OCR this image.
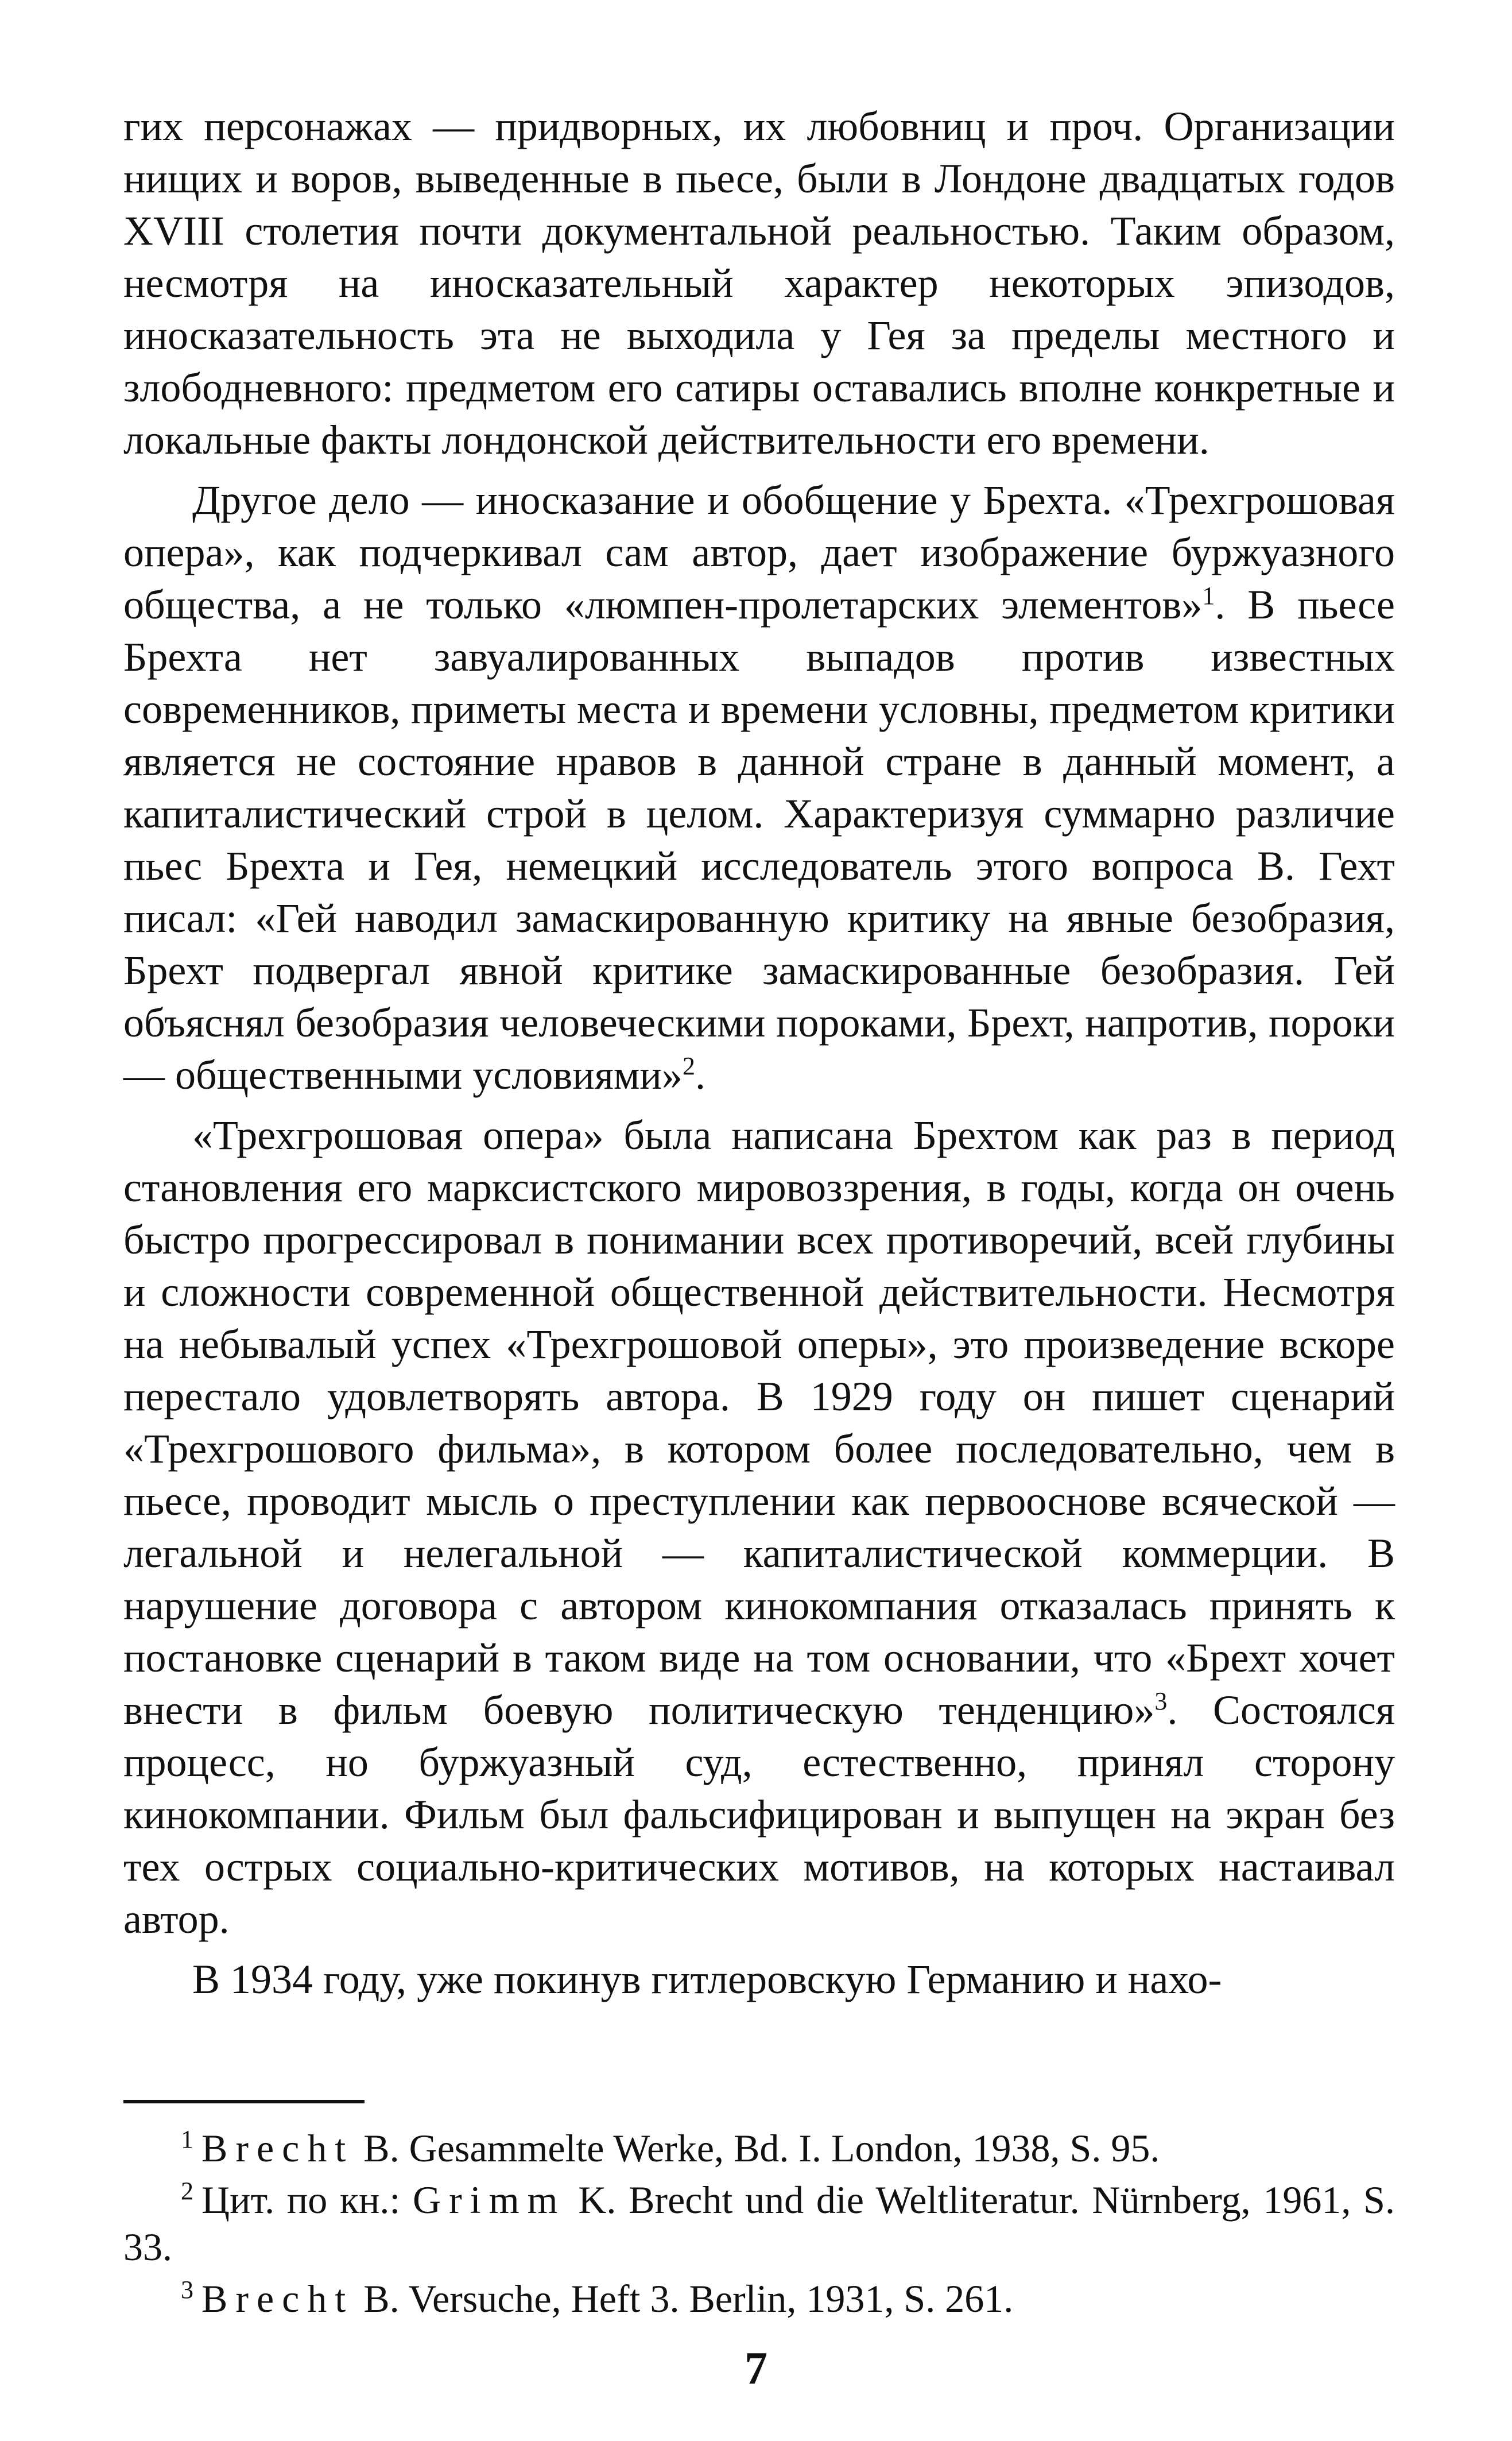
гих персонажах — придворных, их любовниц и проч. Организации нищих и воров, выведенные в пьесе, были в Лондоне двадцатых годов XVIII столетия почти документальной реальностью. Таким образом, несмотря на иносказательный характер некоторых эпизодов, иносказательность эта не выходила у Гея за пределы местного и злободневного: предметом его сатиры оставались вполне конкретные и локальные факты лондонской действительности его времени.

Другое дело — иносказание и обобщение у Брехта. «Трехгрошовая опера», как подчеркивал сам автор, дает изображение буржуазного общества, а не только «люмпен-пролетарских элементов»$^1$. В пьесе Брехта нет завуалированных выпадов против известных современников, приметы места и времени условны, предметом критики является не состояние нравов в данной стране в данный момент, а капиталистический строй в целом. Характеризуя суммарно различие пьес Брехта и Гея, немецкий исследователь этого вопроса В. Гехт писал: «Гей наводил замаскированную критику на явные безобразия, Брехт подвергал явной критике замаскированные безобразия. Гей объяснял безобразия человеческими пороками, Брехт, напротив, пороки — общественными условиями»$^2$.

«Трехгрошовая опера» была написана Брехтом как раз в период становления его марксистского мировоззрения, в годы, когда он очень быстро прогрессировал в понимании всех противоречий, всей глубины и сложности современной общественной действительности. Несмотря на небывалый успех «Трехгрошовой оперы», это произведение вскоре перестало удовлетворять автора. В 1929 году он пишет сценарий «Трехгрошового фильма», в котором более последовательно, чем в пьесе, проводит мысль о преступлении как первооснове всяческой — легальной и нелегальной — капиталистической коммерции. В нарушение договора с автором кинокомпания отказалась принять к постановке сценарий в таком виде на том основании, что «Брехт хочет внести в фильм боевую политическую тенденцию»$^3$. Состоялся процесс, но буржуазный суд, естественно, принял сторону кинокомпании. Фильм был фальсифицирован и выпущен на экран без тех острых социально-критических мотивов, на которых настаивал автор.

В 1934 году, уже покинув гитлеровскую Германию и нахо-

$^1$ Brecht B. Gesammelte Werke, Bd. I. London, 1938, S. 95.

$^2$ Цит. по кн.: Grimm K. Brecht und die Weltliteratur. Nürnberg, 1961, S. 33.

$^3$ Brecht B. Versuche, Heft 3. Berlin, 1931, S. 261.

7
